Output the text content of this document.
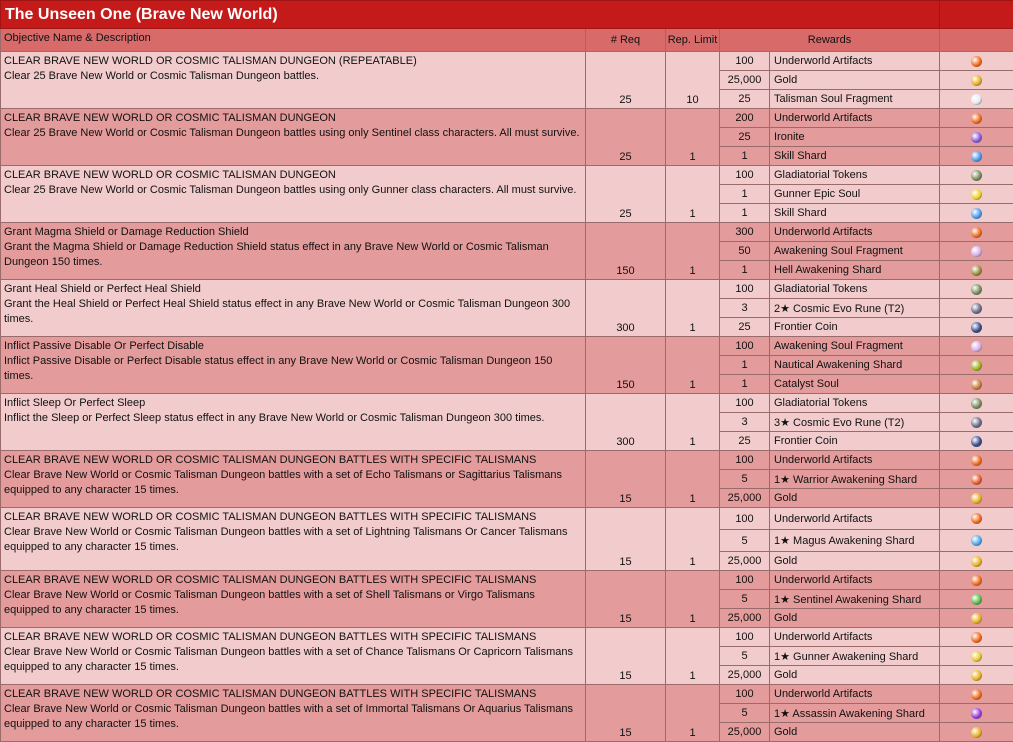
The Unseen One (Brave New World)					
Objective Name & Description	# Req	Rep. Limit	Rewards		

CLEAR BRAVE NEW WORLD OR COSMIC TALISMAN DUNGEON (REPEATABLE)
Clear 25 Brave New World or Cosmic Talisman Dungeon battles.	25	10	100	Underworld Artifacts	
			25,000	Gold	
			25	Talisman Soul Fragment	

CLEAR BRAVE NEW WORLD OR COSMIC TALISMAN DUNGEON
Clear 25 Brave New World or Cosmic Talisman Dungeon battles using only Sentinel class characters. All must survive.	25	1	200	Underworld Artifacts	
			25	Ironite	
			1	Skill Shard	

CLEAR BRAVE NEW WORLD OR COSMIC TALISMAN DUNGEON
Clear 25 Brave New World or Cosmic Talisman Dungeon battles using only Gunner class characters. All must survive.	25	1	100	Gladiatorial Tokens	
			1	Gunner Epic Soul	
			1	Skill Shard	

Grant Magma Shield or Damage Reduction Shield
Grant the Magma Shield or Damage Reduction Shield status effect in any Brave New World or Cosmic Talisman Dungeon 150 times.	150	1	300	Underworld Artifacts	
			50	Awakening Soul Fragment	
			1	Hell Awakening Shard	

Grant Heal Shield or Perfect Heal Shield
Grant the Heal Shield or Perfect Heal Shield status effect in any Brave New World or Cosmic Talisman Dungeon 300 times.	300	1	100	Gladiatorial Tokens	
			3	2★ Cosmic Evo Rune (T2)	
			25	Frontier Coin	

Inflict Passive Disable Or Perfect Disable
Inflict Passive Disable or Perfect Disable status effect in any Brave New World or Cosmic Talisman Dungeon 150 times.	150	1	100	Awakening Soul Fragment	
			1	Nautical Awakening Shard	
			1	Catalyst Soul	

Inflict Sleep Or Perfect Sleep
Inflict the Sleep or Perfect Sleep status effect in any Brave New World or Cosmic Talisman Dungeon 300 times.	300	1	100	Gladiatorial Tokens	
			3	3★ Cosmic Evo Rune (T2)	
			25	Frontier Coin	

CLEAR BRAVE NEW WORLD OR COSMIC TALISMAN DUNGEON BATTLES WITH SPECIFIC TALISMANS
Clear Brave New World or Cosmic Talisman Dungeon battles with a set of Echo Talismans or Sagittarius Talismans equipped to any character 15 times.	15	1	100	Underworld Artifacts	
			5	1★ Warrior Awakening Shard	
			25,000	Gold	

CLEAR BRAVE NEW WORLD OR COSMIC TALISMAN DUNGEON BATTLES WITH SPECIFIC TALISMANS
Clear Brave New World or Cosmic Talisman Dungeon battles with a set of Lightning Talismans Or Cancer Talismans equipped to any character 15 times.	15	1	100	Underworld Artifacts	
			5	1★ Magus Awakening Shard	
			25,000	Gold	

CLEAR BRAVE NEW WORLD OR COSMIC TALISMAN DUNGEON BATTLES WITH SPECIFIC TALISMANS
Clear Brave New World or Cosmic Talisman Dungeon battles with a set of Shell Talismans or Virgo Talismans equipped to any character 15 times.	15	1	100	Underworld Artifacts	
			5	1★ Sentinel Awakening Shard	
			25,000	Gold	

CLEAR BRAVE NEW WORLD OR COSMIC TALISMAN DUNGEON BATTLES WITH SPECIFIC TALISMANS
Clear Brave New World or Cosmic Talisman Dungeon battles with a set of Chance Talismans Or Capricorn Talismans equipped to any character 15 times.	15	1	100	Underworld Artifacts	
			5	1★ Gunner Awakening Shard	
			25,000	Gold	

CLEAR BRAVE NEW WORLD OR COSMIC TALISMAN DUNGEON BATTLES WITH SPECIFIC TALISMANS
Clear Brave New World or Cosmic Talisman Dungeon battles with a set of Immortal Talismans Or Aquarius Talismans equipped to any character 15 times.	15	1	100	Underworld Artifacts	
			5	1★ Assassin Awakening Shard	
			25,000	Gold	
